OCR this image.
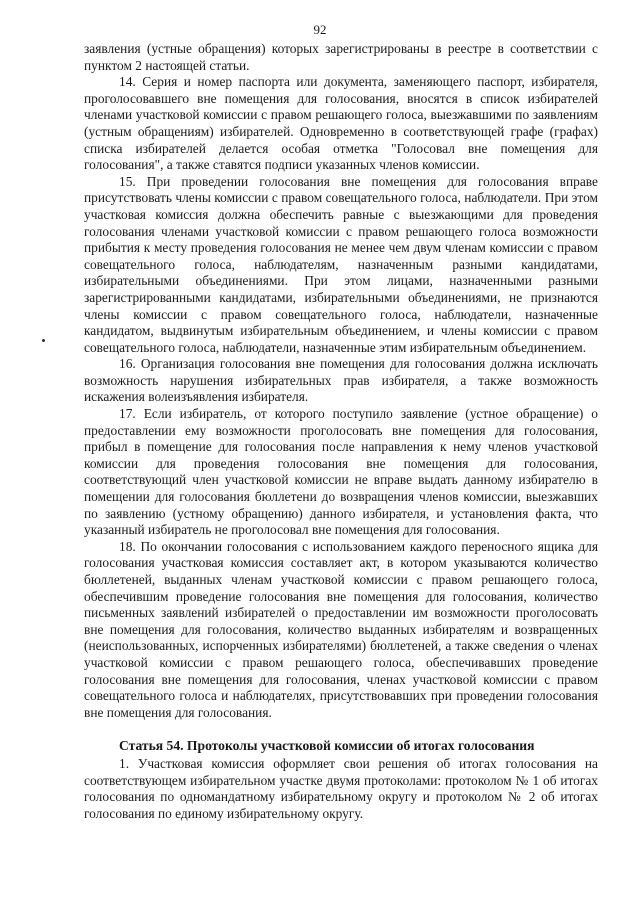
92

заявления (устные обращения) которых зарегистрированы в реестре в соответствии с пунктом 2 настоящей статьи.

14. Серия и номер паспорта или документа, заменяющего паспорт, избирателя, проголосовавшего вне помещения для голосования, вносятся в список избирателей членами участковой комиссии с правом решающего голоса, выезжавшими по заявлениям (устным обращениям) избирателей. Одновременно в соответствующей графе (графах) списка избирателей делается особая отметка "Голосовал вне помещения для голосования", а также ставятся подписи указанных членов комиссии.

15. При проведении голосования вне помещения для голосования вправе присутствовать члены комиссии с правом совещательного голоса, наблюдатели. При этом участковая комиссия должна обеспечить равные с выезжающими для проведения голосования членами участковой комиссии с правом решающего голоса возможности прибытия к месту проведения голосования не менее чем двум членам комиссии с правом совещательного голоса, наблюдателям, назначенным разными кандидатами, избирательными объединениями. При этом лицами, назначенными разными зарегистрированными кандидатами, избирательными объединениями, не признаются члены комиссии с правом совещательного голоса, наблюдатели, назначенные кандидатом, выдвинутым избирательным объединением, и члены комиссии с правом совещательного голоса, наблюдатели, назначенные этим избирательным объединением.

16. Организация голосования вне помещения для голосования должна исключать возможность нарушения избирательных прав избирателя, а также возможность искажения волеизъявления избирателя.

17. Если избиратель, от которого поступило заявление (устное обращение) о предоставлении ему возможности проголосовать вне помещения для голосования, прибыл в помещение для голосования после направления к нему членов участковой комиссии для проведения голосования вне помещения для голосования, соответствующий член участковой комиссии не вправе выдать данному избирателю в помещении для голосования бюллетени до возвращения членов комиссии, выезжавших по заявлению (устному обращению) данного избирателя, и установления факта, что указанный избиратель не проголосовал вне помещения для голосования.

18. По окончании голосования с использованием каждого переносного ящика для голосования участковая комиссия составляет акт, в котором указываются количество бюллетеней, выданных членам участковой комиссии с правом решающего голоса, обеспечившим проведение голосования вне помещения для голосования, количество письменных заявлений избирателей о предоставлении им возможности проголосовать вне помещения для голосования, количество выданных избирателям и возвращенных (неиспользованных, испорченных избирателями) бюллетеней, а также сведения о членах участковой комиссии с правом решающего голоса, обеспечивавших проведение голосования вне помещения для голосования, членах участковой комиссии с правом совещательного голоса и наблюдателях, присутствовавших при проведении голосования вне помещения для голосования.

Статья 54. Протоколы участковой комиссии об итогах голосования

1. Участковая комиссия оформляет свои решения об итогах голосования на соответствующем избирательном участке двумя протоколами: протоколом № 1 об итогах голосования по одномандатному избирательному округу и протоколом № 2 об итогах голосования по единому избирательному округу.
